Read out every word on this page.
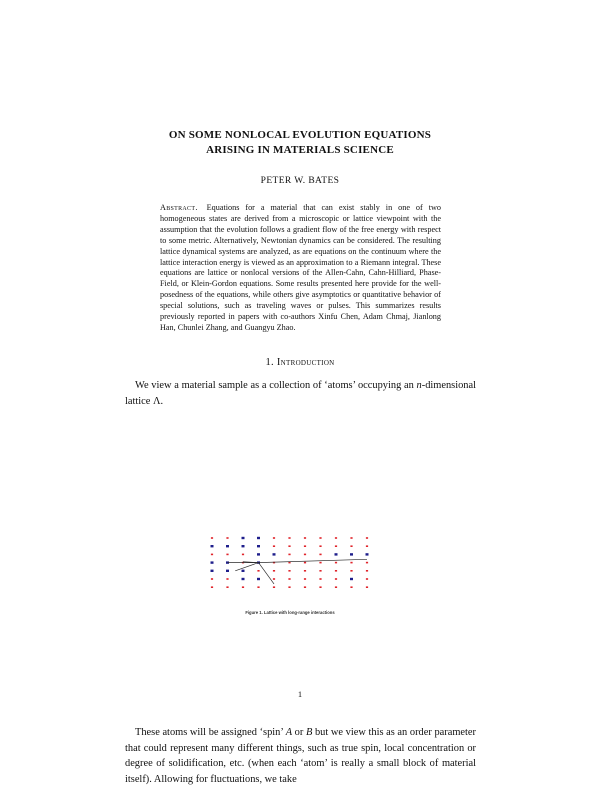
ON SOME NONLOCAL EVOLUTION EQUATIONS
ARISING IN MATERIALS SCIENCE
PETER W. BATES
Abstract. Equations for a material that can exist stably in one of two homogeneous states are derived from a microscopic or lattice viewpoint with the assumption that the evolution follows a gradient flow of the free energy with respect to some metric. Alternatively, Newtonian dynamics can be considered. The resulting lattice dynamical systems are analyzed, as are equations on the continuum where the lattice interaction energy is viewed as an approximation to a Riemann integral. These equations are lattice or nonlocal versions of the Allen-Cahn, Cahn-Hilliard, Phase-Field, or Klein-Gordon equations. Some results presented here provide for the well-posedness of the equations, while others give asymptotics or quantitative behavior of special solutions, such as traveling waves or pulses. This summarizes results previously reported in papers with co-authors Xinfu Chen, Adam Chmaj, Jianlong Han, Chunlei Zhang, and Guangyu Zhao.
1. Introduction
We view a material sample as a collection of ‘atoms’ occupying an n-dimensional lattice Λ.
Figure 1. Lattice with long-range interactions
1
These atoms will be assigned ‘spin’ A or B but we view this as an order parameter that could represent many different things, such as true spin, local concentration or degree of solidification, etc. (when each ‘atom’ is really a small block of material itself). Allowing for fluctuations, we take
